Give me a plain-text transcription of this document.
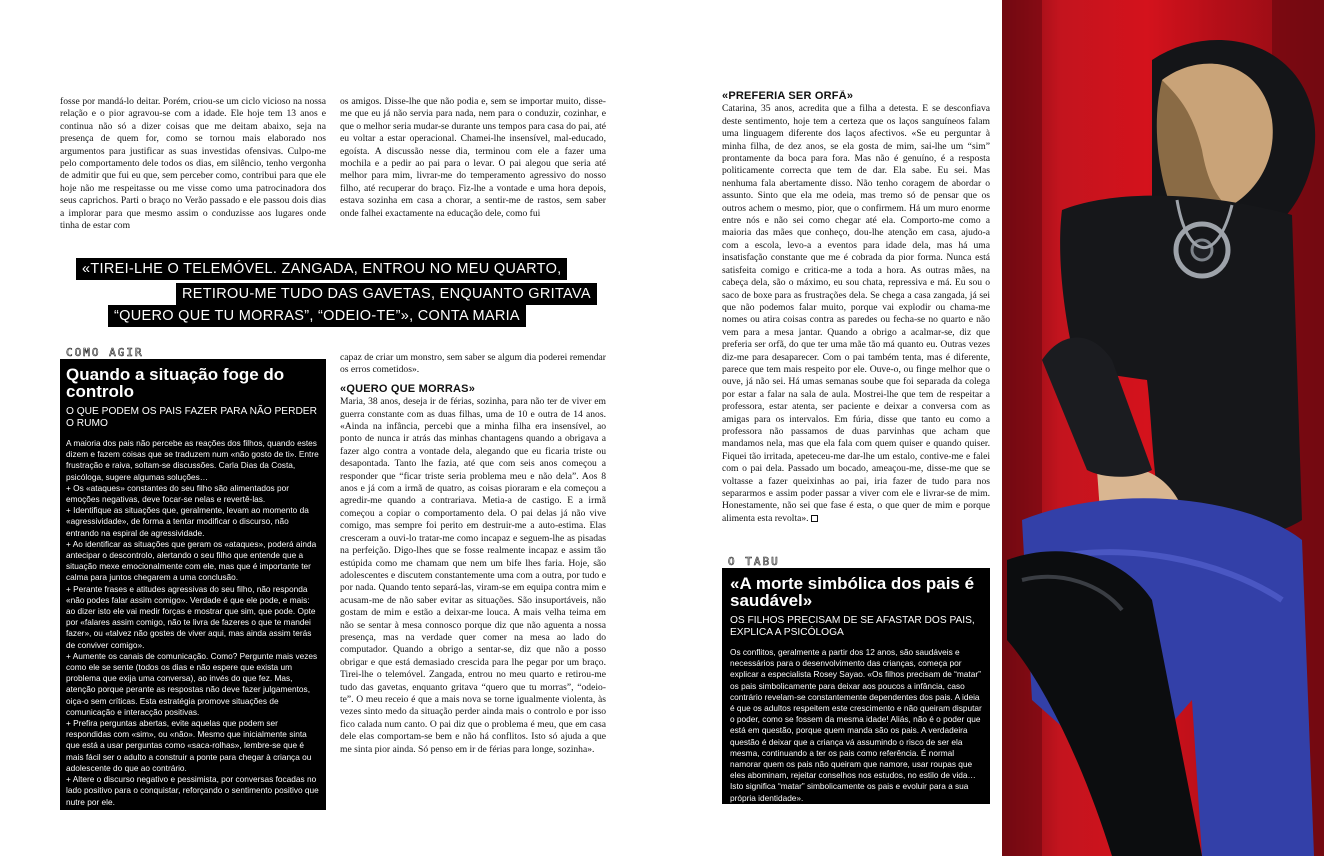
fosse por mandá-lo deitar. Porém, criou-se um ciclo vicioso na nossa relação e o pior agravou-se com a idade. Ele hoje tem 13 anos e continua não só a dizer coisas que me deitam abaixo, seja na presença de quem for, como se tornou mais elaborado nos argumentos para justificar as suas investidas ofensivas. Culpo-me pelo comportamento dele todos os dias, em silêncio, tenho vergonha de admitir que fui eu que, sem perceber como, contribui para que ele hoje não me respeitasse ou me visse como uma patrocinadora dos seus caprichos. Parti o braço no Verão passado e ele passou dois dias a implorar para que mesmo assim o conduzisse aos lugares onde tinha de estar com

os amigos. Disse-lhe que não podia e, sem se importar muito, disse-me que eu já não servia para nada, nem para o conduzir, cozinhar, e que o melhor seria mudar-se durante uns tempos para casa do pai, até eu voltar a estar operacional. Chamei-lhe insensível, mal-educado, egoísta. A discussão nesse dia, terminou com ele a fazer uma mochila e a pedir ao pai para o levar. O pai alegou que seria até melhor para mim, livrar-me do temperamento agressivo do nosso filho, até recuperar do braço. Fiz-lhe a vontade e uma hora depois, estava sozinha em casa a chorar, a sentir-me de rastos, sem saber onde falhei exactamente na educação dele, como fui

«TIREI-LHE O TELEMÓVEL. ZANGADA, ENTROU NO MEU QUARTO,
RETIROU-ME TUDO DAS GAVETAS, ENQUANTO GRITAVA
“QUERO QUE TU MORRAS”, “ODEIO-TE”», CONTA MARIA
COMO AGIR
Quando a situação foge do controlo
O QUE PODEM OS PAIS FAZER PARA NÃO PERDER O RUMO

A maioria dos pais não percebe as reações dos filhos, quando estes dizem e fazem coisas que se traduzem num «não gosto de ti». Entre frustração e raiva, soltam-se discussões. Carla Dias da Costa, psicóloga, sugere algumas soluções…

+ Os «ataques» constantes do seu filho são alimentados por emoções negativas, deve focar-se nelas e revertê-las.

+ Identifique as situações que, geralmente, levam ao momento da «agressividade», de forma a tentar modificar o discurso, não entrando na espiral de agressividade.

+ Ao identificar as situações que geram os «ataques», poderá ainda antecipar o descontrolo, alertando o seu filho que entende que a situação mexe emocionalmente com ele, mas que é importante ter calma para juntos chegarem a uma conclusão.

+ Perante frases e atitudes agressivas do seu filho, não responda «não podes falar assim comigo». Verdade é que ele pode, e mais: ao dizer isto ele vai medir forças e mostrar que sim, que pode. Opte por «falares assim comigo, não te livra de fazeres o que te mandei fazer», ou «talvez não gostes de viver aqui, mas ainda assim terás de conviver comigo».

+ Aumente os canais de comunicação. Como? Pergunte mais vezes como ele se sente (todos os dias e não espere que exista um problema que exija uma conversa), ao invés do que fez. Mas, atenção porque perante as respostas não deve fazer julgamentos, oiça-o sem críticas. Esta estratégia promove situações de comunicação e interacção positivas.

+ Prefira perguntas abertas, evite aquelas que podem ser respondidas com «sim», ou «não». Mesmo que inicialmente sinta que está a usar perguntas como «saca-rolhas», lembre-se que é mais fácil ser o adulto a construir a ponte para chegar à criança ou adolescente do que ao contrário.

+ Altere o discurso negativo e pessimista, por conversas focadas no lado positivo para o conquistar, reforçando o sentimento positivo que nutre por ele.

capaz de criar um monstro, sem saber se algum dia poderei remendar os erros cometidos».

«QUERO QUE MORRAS»

Maria, 38 anos, deseja ir de férias, sozinha, para não ter de viver em guerra constante com as duas filhas, uma de 10 e outra de 14 anos. «Ainda na infância, percebi que a minha filha era insensível, ao ponto de nunca ir atrás das minhas chantagens quando a obrigava a fazer algo contra a vontade dela, alegando que eu ficaria triste ou desapontada. Tanto lhe fazia, até que com seis anos começou a responder que “ficar triste seria problema meu e não dela”. Aos 8 anos e já com a irmã de quatro, as coisas pioraram e ela começou a agredir-me quando a contrariava. Metia-a de castigo. E a irmã começou a copiar o comportamento dela. O pai delas já não vive comigo, mas sempre foi perito em destruir-me a auto-estima. Elas cresceram a ouvi-lo tratar-me como incapaz e seguem-lhe as pisadas na perfeição. Digo-lhes que se fosse realmente incapaz e assim tão estúpida como me chamam que nem um bife lhes faria. Hoje, são adolescentes e discutem constantemente uma com a outra, por tudo e por nada. Quando tento separá-las, viram-se em equipa contra mim e acusam-me de não saber evitar as situações. São insuportáveis, não gostam de mim e estão a deixar-me louca. A mais velha teima em não se sentar à mesa connosco porque diz que não aguenta a nossa presença, mas na verdade quer comer na mesa ao lado do computador. Quando a obrigo a sentar-se, diz que não a posso obrigar e que está demasiado crescida para lhe pegar por um braço. Tirei-lhe o telemóvel. Zangada, entrou no meu quarto e retirou-me tudo das gavetas, enquanto gritava “quero que tu morras”, “odeio-te”. O meu receio é que a mais nova se torne igualmente violenta, às vezes sinto medo da situação perder ainda mais o controlo e por isso fico calada num canto. O pai diz que o problema é meu, que em casa dele elas comportam-se bem e não há conflitos. Isto só ajuda a que me sinta pior ainda. Só penso em ir de férias para longe, sozinha».

«PREFERIA SER ORFÃ»

Catarina, 35 anos, acredita que a filha a detesta. E se desconfiava deste sentimento, hoje tem a certeza que os laços sanguíneos falam uma linguagem diferente dos laços afectivos. «Se eu perguntar à minha filha, de dez anos, se ela gosta de mim, sai-lhe um “sim” prontamente da boca para fora. Mas não é genuíno, é a resposta politicamente correcta que tem de dar. Ela sabe. Eu sei. Mas nenhuma fala abertamente disso. Não tenho coragem de abordar o assunto. Sinto que ela me odeia, mas tremo só de pensar que os outros achem o mesmo, pior, que o confirmem. Há um muro enorme entre nós e não sei como chegar até ela. Comporto-me como a maioria das mães que conheço, dou-lhe atenção em casa, ajudo-a com a escola, levo-a a eventos para idade dela, mas há uma insatisfação constante que me é cobrada da pior forma. Nunca está satisfeita comigo e critica-me a toda a hora. As outras mães, na cabeça dela, são o máximo, eu sou chata, repressiva e má. Eu sou o saco de boxe para as frustrações dela. Se chega a casa zangada, já sei que não podemos falar muito, porque vai explodir ou chama-me nomes ou atira coisas contra as paredes ou fecha-se no quarto e não vem para a mesa jantar. Quando a obrigo a acalmar-se, diz que preferia ser orfã, do que ter uma mãe tão má quanto eu. Outras vezes diz-me para desaparecer. Com o pai também tenta, mas é diferente, parece que tem mais respeito por ele. Ouve-o, ou finge melhor que o ouve, já não sei. Há umas semanas soube que foi separada da colega por estar a falar na sala de aula. Mostrei-lhe que tem de respeitar a professora, estar atenta, ser paciente e deixar a conversa com as amigas para os intervalos. Em fúria, disse que tanto eu como a professora não passamos de duas parvinhas que acham que mandamos nela, mas que ela fala com quem quiser e quando quiser. Fiquei tão irritada, apeteceu-me dar-lhe um estalo, contive-me e falei com o pai dela. Passado um bocado, ameaçou-me, disse-me que se voltasse a fazer queixinhas ao pai, iria fazer de tudo para nos separarmos e assim poder passar a viver com ele e livrar-se de mim. Honestamente, não sei que fase é esta, o que quer de mim e porque alimenta esta revolta».

O TABU
«A morte simbólica dos pais é saudável»
OS FILHOS PRECISAM DE SE AFASTAR DOS PAIS, EXPLICA A PSICÓLOGA

Os conflitos, geralmente a partir dos 12 anos, são saudáveis e necessários para o desenvolvimento das crianças, começa por explicar a especialista Rosey Sayao. «Os filhos precisam de “matar” os pais simbolicamente para deixar aos poucos a infância, caso contrário revelam-se constantemente dependentes dos pais. A ideia é que os adultos respeitem este crescimento e não queiram disputar o poder, como se fossem da mesma idade! Aliás, não é o poder que está em questão, porque quem manda são os pais. A verdadeira questão é deixar que a criança vá assumindo o risco de ser ela mesma, continuando a ter os pais como referência. É normal namorar quem os pais não queiram que namore, usar roupas que eles abominam, rejeitar conselhos nos estudos, no estilo de vida… Isto significa “matar” simbolicamente os pais e evoluir para a sua própria identidade».
